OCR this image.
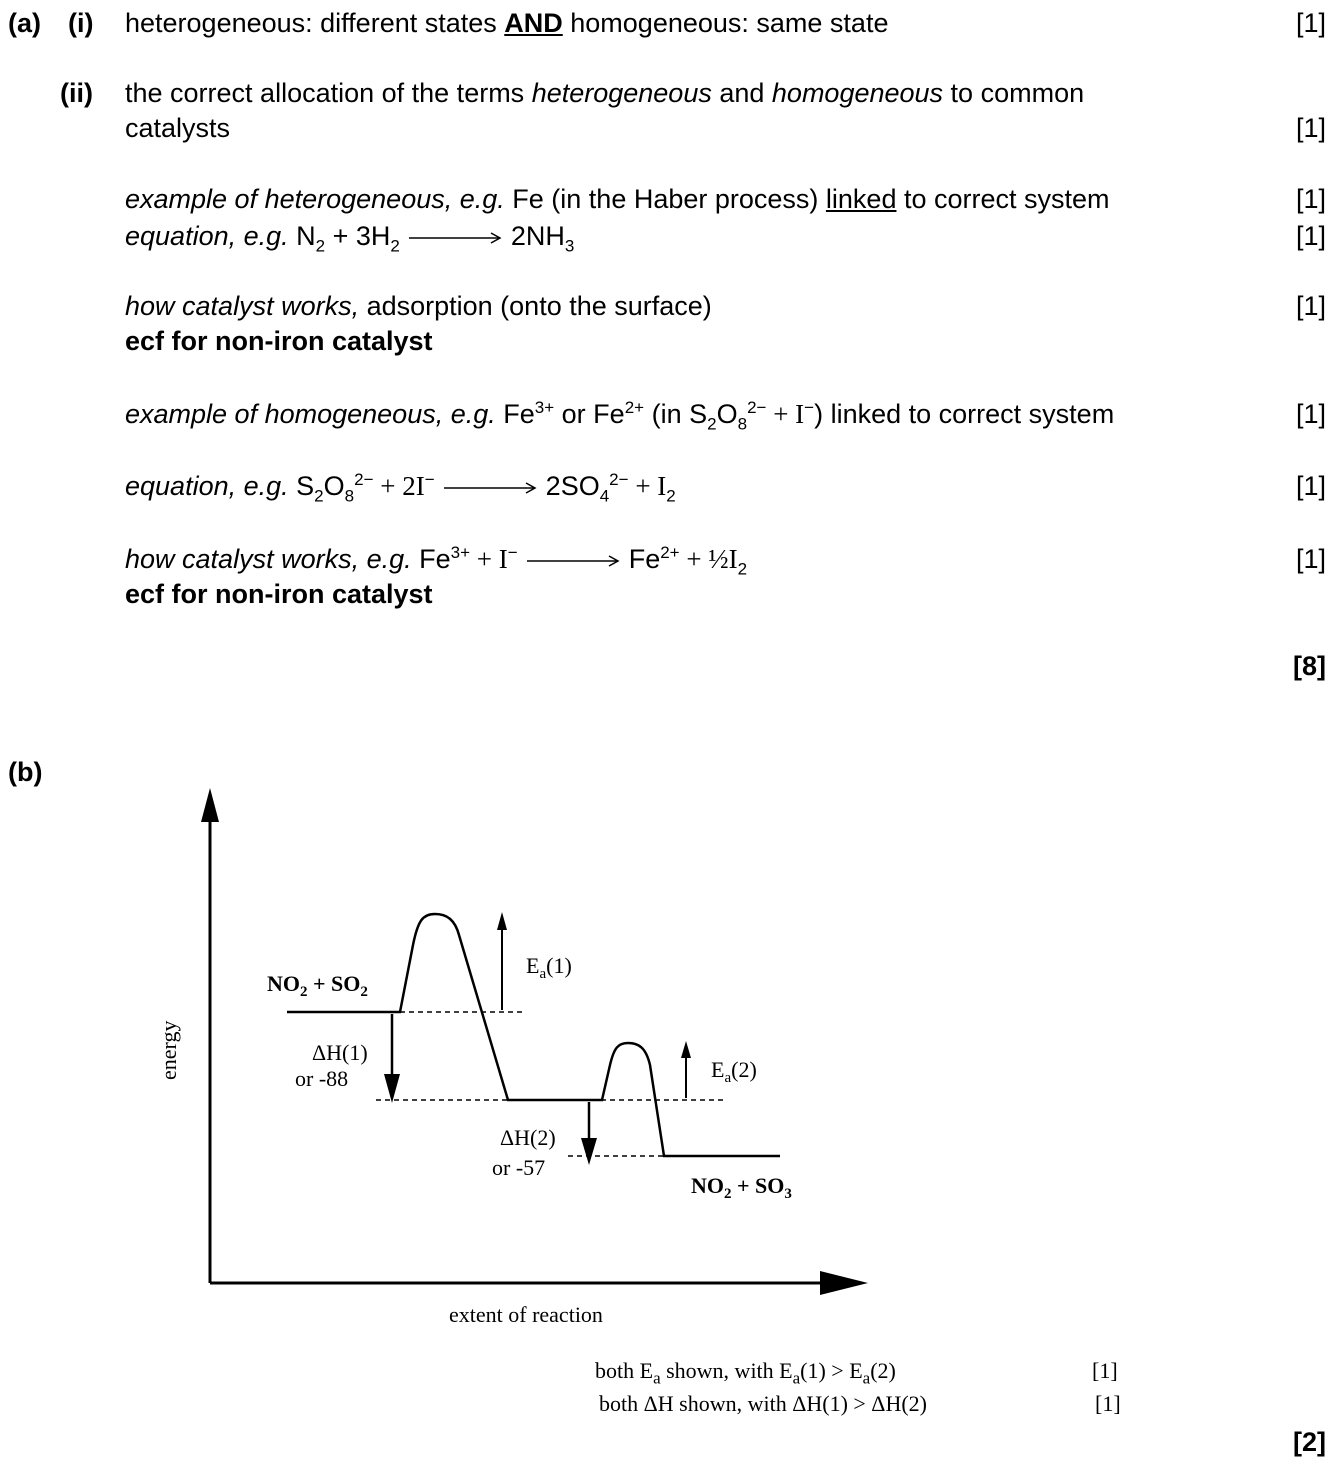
(a) (i) heterogeneous: different states AND homogeneous: same state	[1]
(ii) the correct allocation of the terms heterogeneous and homogeneous to common
catalysts	[1]
example of heterogeneous, e.g. Fe (in the Haber process) linked to correct system	[1]
equation, e.g. $N_2 + 3H_2 \to 2NH_3$	[1]
how catalyst works, adsorption (onto the surface)	[1]
ecf for non-iron catalyst
example of homogeneous, e.g. $Fe^{3+}$ or $Fe^{2+}$ (in $S_2O_8^{2-} + I^-$) linked to correct system	[1]
equation, e.g. $S_2O_8^{2-} + 2I^- \to 2SO_4^{2-} + I_2$	[1]
how catalyst works, e.g. $Fe^{3+} + I^- \to Fe^{2+}$ + $\frac{1}{2}I_2$	[1]
ecf for non-iron catalyst
[8]
(b)
energy
extent of reaction
$NO_2 + SO_2$
$NO_2 + SO_3$
$E_a(1)$
$E_a(2)$
ΔH(1)
or -88
ΔH(2)
or -57
both $E_a$ shown, with $E_a(1) > E_a(2)$	[1]
both ΔH shown, with ΔH(1) > ΔH(2)	[1]
[2]
